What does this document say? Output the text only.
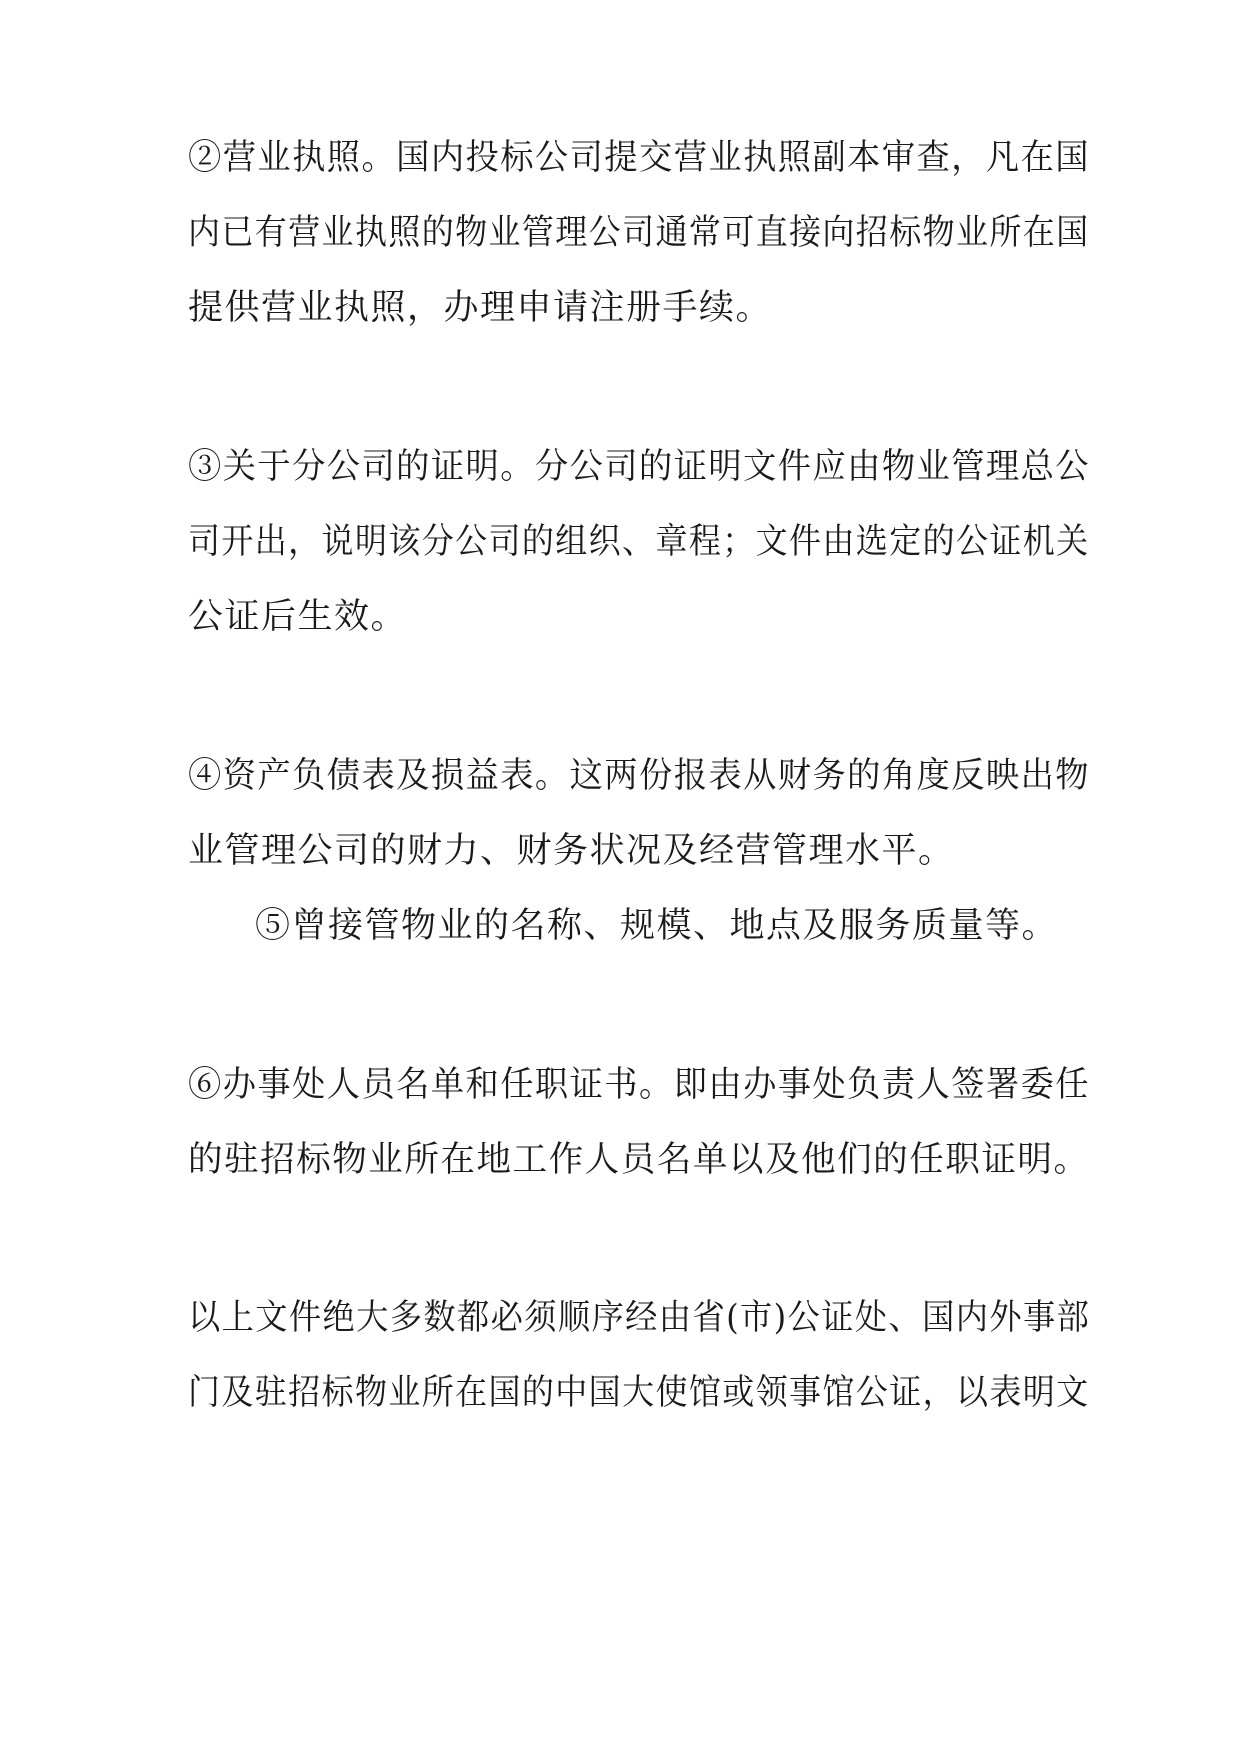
②营业执照。国内投标公司提交营业执照副本审查，凡在国
内已有营业执照的物业管理公司通常可直接向招标物业所在国
提供营业执照，办理申请注册手续。
③关于分公司的证明。分公司的证明文件应由物业管理总公
司开出，说明该分公司的组织、章程；文件由选定的公证机关
公证后生效。
④资产负债表及损益表。这两份报表从财务的角度反映出物
业管理公司的财力、财务状况及经营管理水平。
⑤曾接管物业的名称、规模、地点及服务质量等。
⑥办事处人员名单和任职证书。即由办事处负责人签署委任
的驻招标物业所在地工作人员名单以及他们的任职证明。
以上文件绝大多数都必须顺序经由省(市)公证处、国内外事部
门及驻招标物业所在国的中国大使馆或领事馆公证，以表明文
